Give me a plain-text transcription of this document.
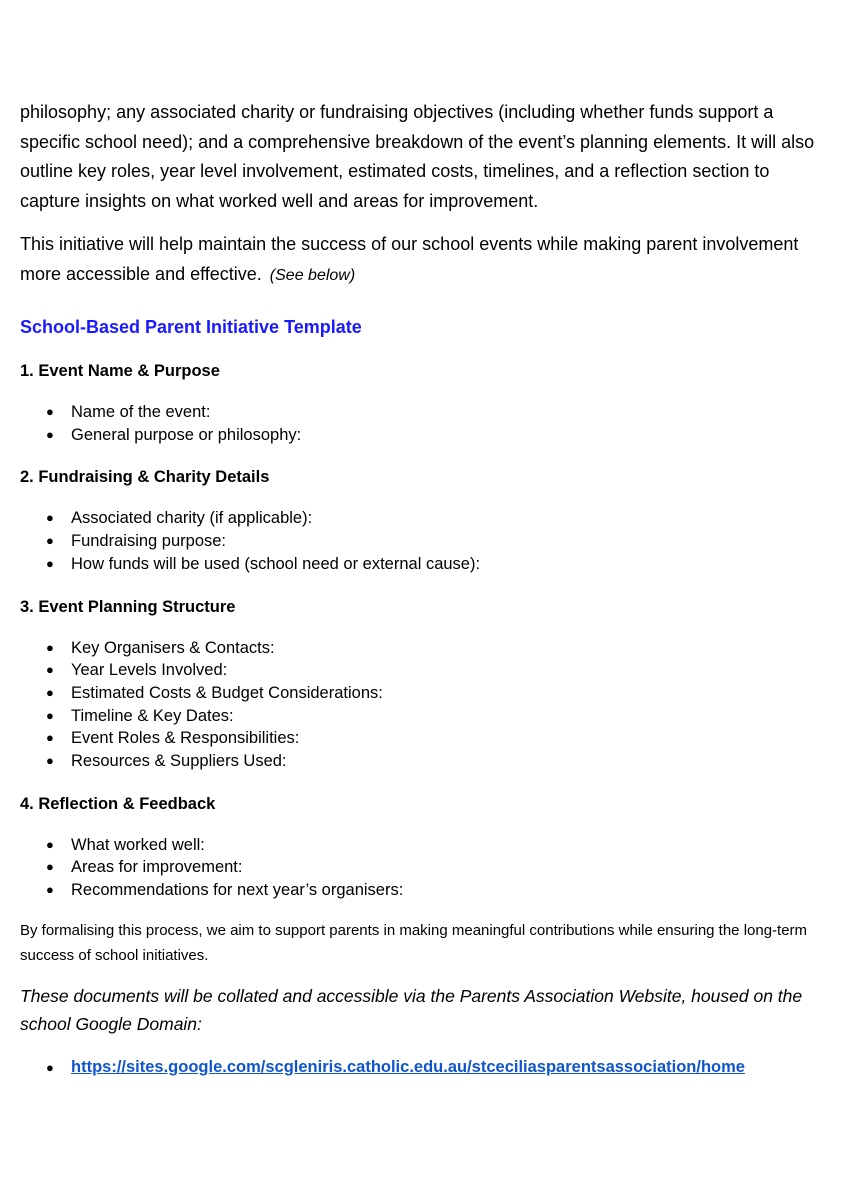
philosophy; any associated charity or fundraising objectives (including whether funds support a specific school need); and a comprehensive breakdown of the event’s planning elements. It will also outline key roles, year level involvement, estimated costs, timelines, and a reflection section to capture insights on what worked well and areas for improvement.

This initiative will help maintain the success of our school events while making parent involvement more accessible and effective. (See below)

School-Based Parent Initiative Template
1. Event Name & Purpose
● Name of the event:
● General purpose or philosophy:
2. Fundraising & Charity Details
● Associated charity (if applicable):
● Fundraising purpose:
● How funds will be used (school need or external cause):
3. Event Planning Structure
● Key Organisers & Contacts:
● Year Levels Involved:
● Estimated Costs & Budget Considerations:
● Timeline & Key Dates:
● Event Roles & Responsibilities:
● Resources & Suppliers Used:
4. Reflection & Feedback
● What worked well:
● Areas for improvement:
● Recommendations for next year’s organisers:

By formalising this process, we aim to support parents in making meaningful contributions while ensuring the long-term success of school initiatives.

These documents will be collated and accessible via the Parents Association Website, housed on the school Google Domain:

● https://sites.google.com/scgleniris.catholic.edu.au/stceciliasparentsassociation/home
